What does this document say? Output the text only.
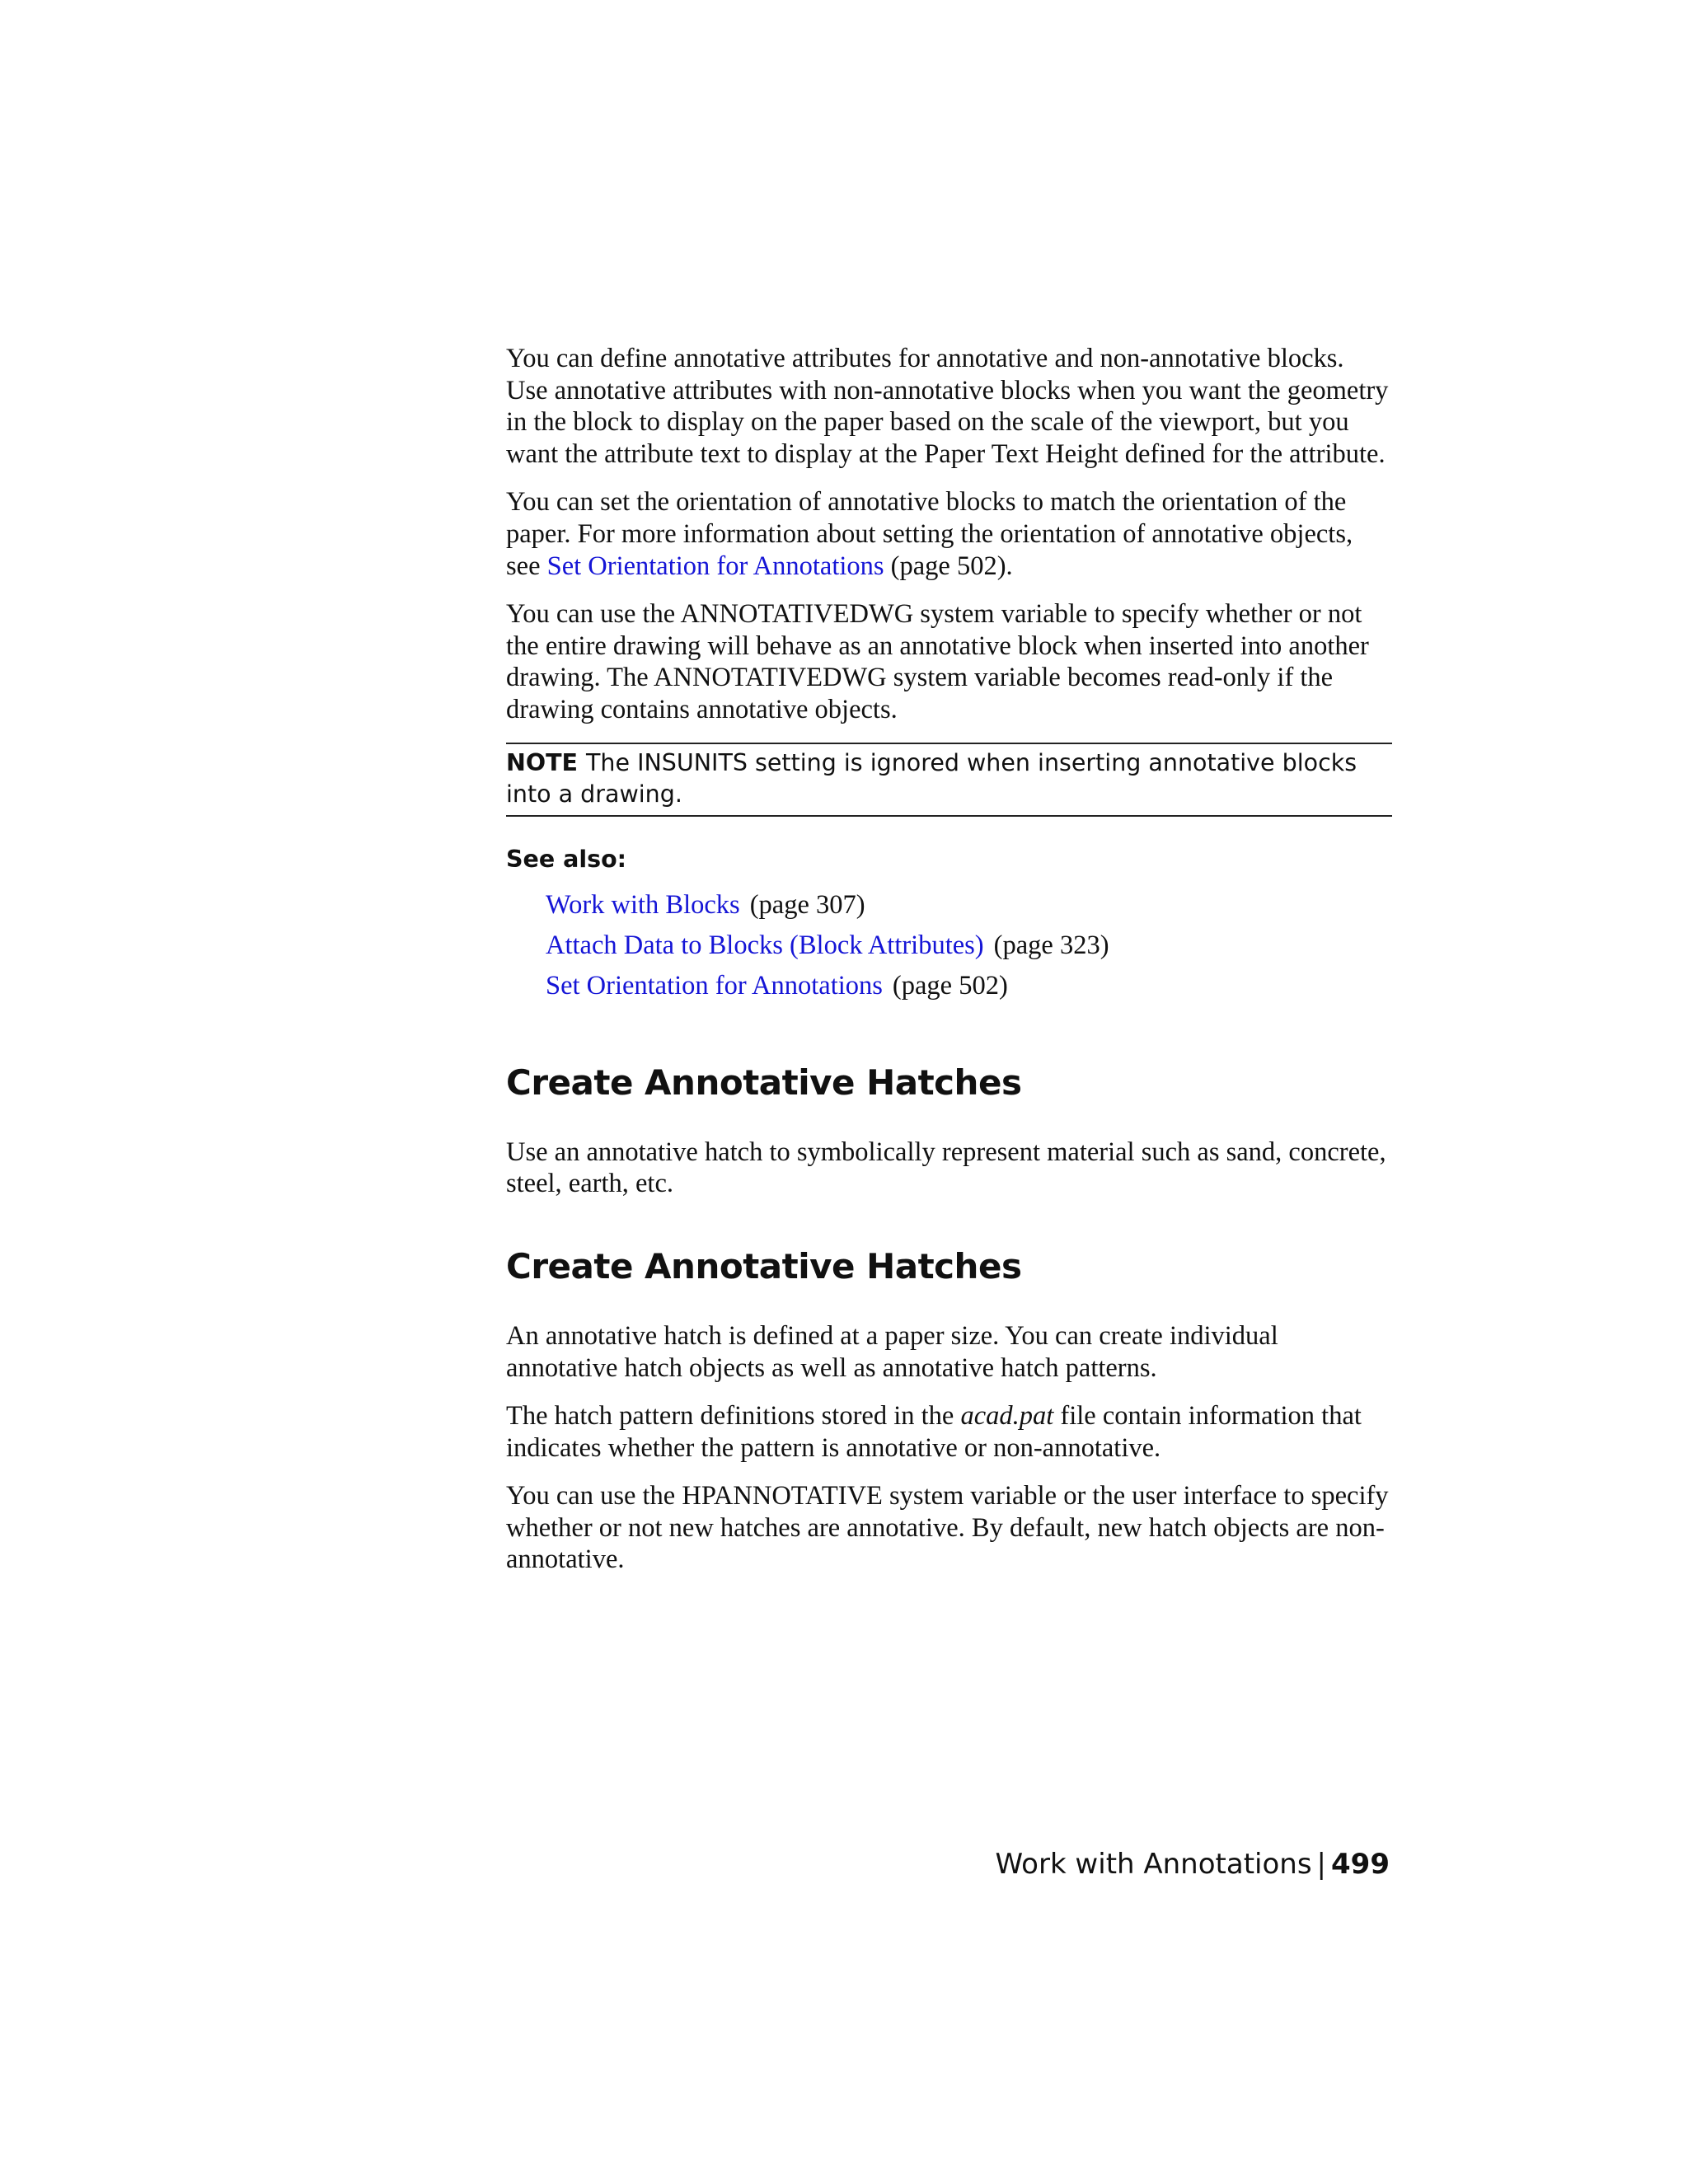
You can define annotative attributes for annotative and non-annotative blocks. Use annotative attributes with non-annotative blocks when you want the geometry in the block to display on the paper based on the scale of the viewport, but you want the attribute text to display at the Paper Text Height defined for the attribute.

You can set the orientation of annotative blocks to match the orientation of the paper. For more information about setting the orientation of annotative objects, see Set Orientation for Annotations (page 502).

You can use the ANNOTATIVEDWG system variable to specify whether or not the entire drawing will behave as an annotative block when inserted into another drawing. The ANNOTATIVEDWG system variable becomes read-only if the drawing contains annotative objects.

NOTE The INSUNITS setting is ignored when inserting annotative blocks into a drawing.
See also:
Work with Blocks (page 307)
Attach Data to Blocks (Block Attributes) (page 323)
Set Orientation for Annotations (page 502)
Create Annotative Hatches

Use an annotative hatch to symbolically represent material such as sand, concrete, steel, earth, etc.

Create Annotative Hatches

An annotative hatch is defined at a paper size. You can create individual annotative hatch objects as well as annotative hatch patterns.

The hatch pattern definitions stored in the acad.pat file contain information that indicates whether the pattern is annotative or non-annotative.

You can use the HPANNOTATIVE system variable or the user interface to specify whether or not new hatches are annotative. By default, new hatch objects are non-annotative.

Work with Annotations | 499
